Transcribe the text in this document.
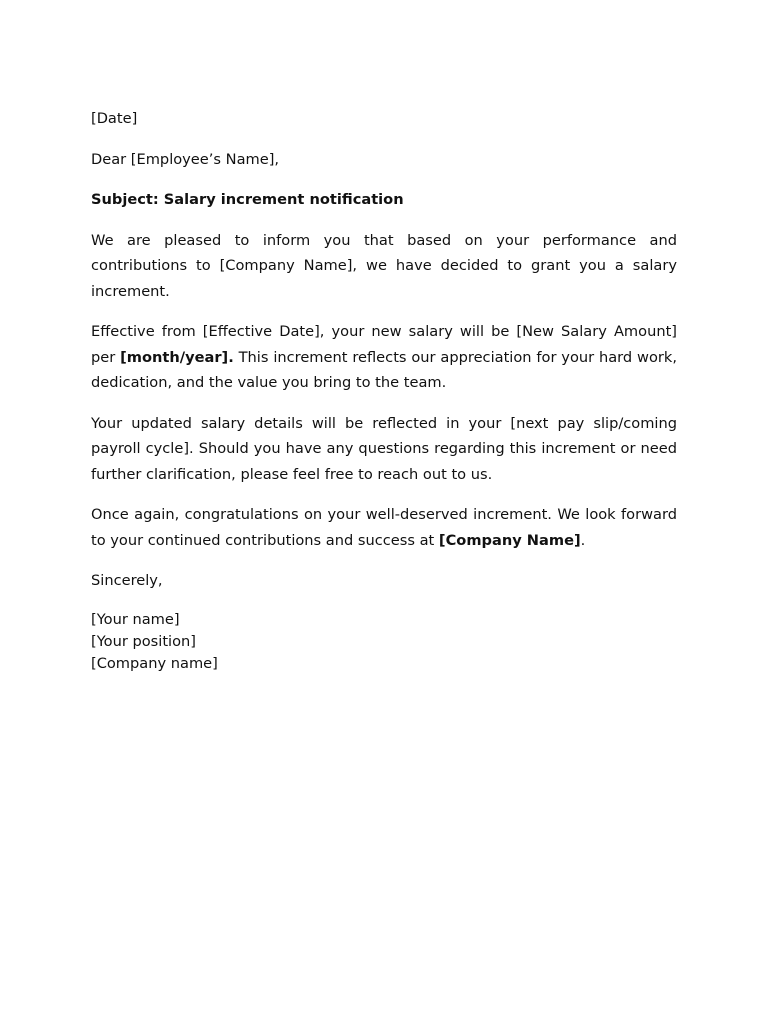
[Date]

Dear [Employee’s Name],

Subject: Salary increment notification

We are pleased to inform you that based on your performance and contributions to [Company Name], we have decided to grant you a salary increment.

Effective from [Effective Date], your new salary will be [New Salary Amount] per [month/year]. This increment reflects our appreciation for your hard work, dedication, and the value you bring to the team.

Your updated salary details will be reflected in your [next pay slip/coming payroll cycle]. Should you have any questions regarding this increment or need further clarification, please feel free to reach out to us.

Once again, congratulations on your well-deserved increment. We look forward to your continued contributions and success at [Company Name].

Sincerely,

[Your name]

[Your position]

[Company name]
